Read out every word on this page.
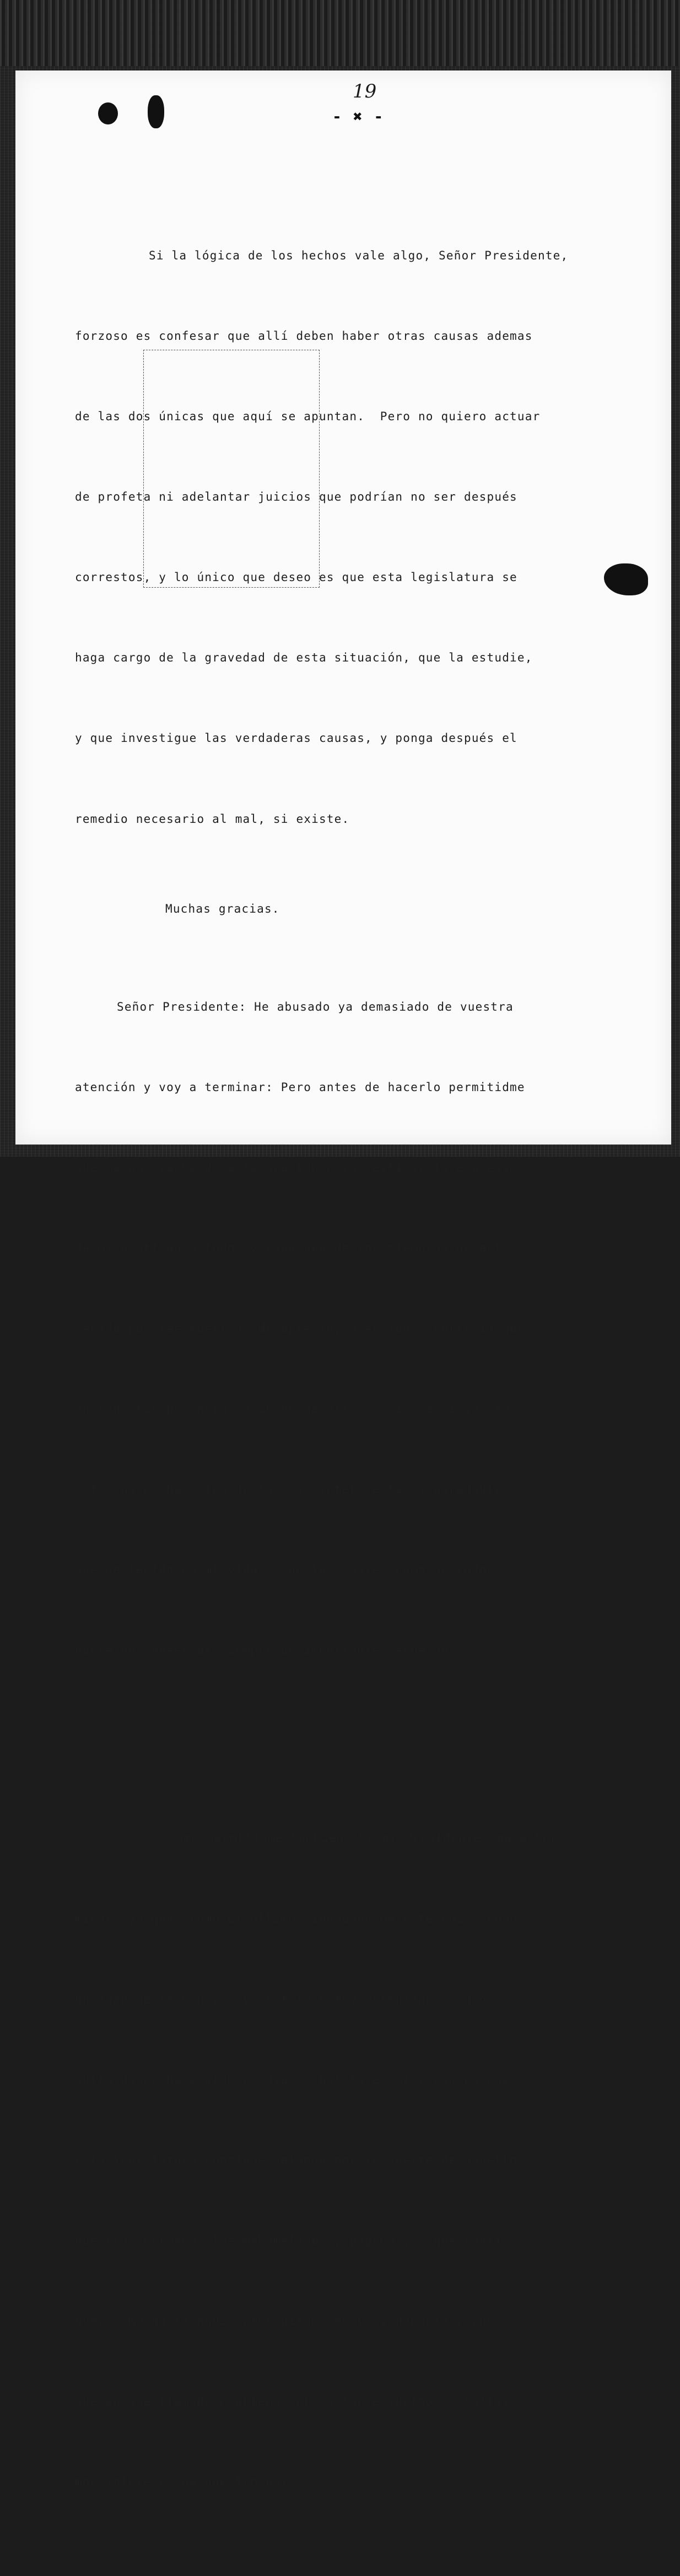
19
- ✖ -

Si la lógica de los hechos vale algo, Señor Presidente,

forzoso es confesar que allí deben haber otras causas ademas

de las dos únicas que aquí se apuntan.  Pero no quiero actuar

de profeta ni adelantar juicios que podrían no ser después

correstos, y lo único que deseo es que esta legislatura se

haga cargo de la gravedad de esta situación, que la estudie,

y que investigue las verdaderas causas, y ponga después el

remedio necesario al mal, si existe.

Señor Presidente: He abusado ya demasiado de vuestra

atención y voy a terminar: Pero antes de hacerlo permitidme

que me aproveche de esta ocasión para reitirar la expresión

de mi gratitud a todos y cada uno de los miembros de este

Senado por las muestras de aprecio, atención y cortesia que

en todo tiempo había recibido de ellos.  Mis servicios en

este Cuerpo han sido de los mas interesantes y agradables

que he tenido en mi vida, y de los cuales como de todos

habré de conservar siempre un imborrable recuerdo.

Como permitidme también, Señor Presidente, para ter-

minar, ya que, como el último ciudadano de este país, como

un Juan de la Cruz, cuyo título estoy ostentando con or-

gullo desde hace algunos días, insista en mi ruego porque

esta legislatura continúe velando por la suerte de aquellos

nuestros hermanos los mahometanos y paganos, y que conti-

núe, como hasta aquí, protegiendoles y ayudandoles, pues

que en ese llamado problema moro estan envueltos vitalisi-

mos intereses de nuestro país.

Muchas gracias.
